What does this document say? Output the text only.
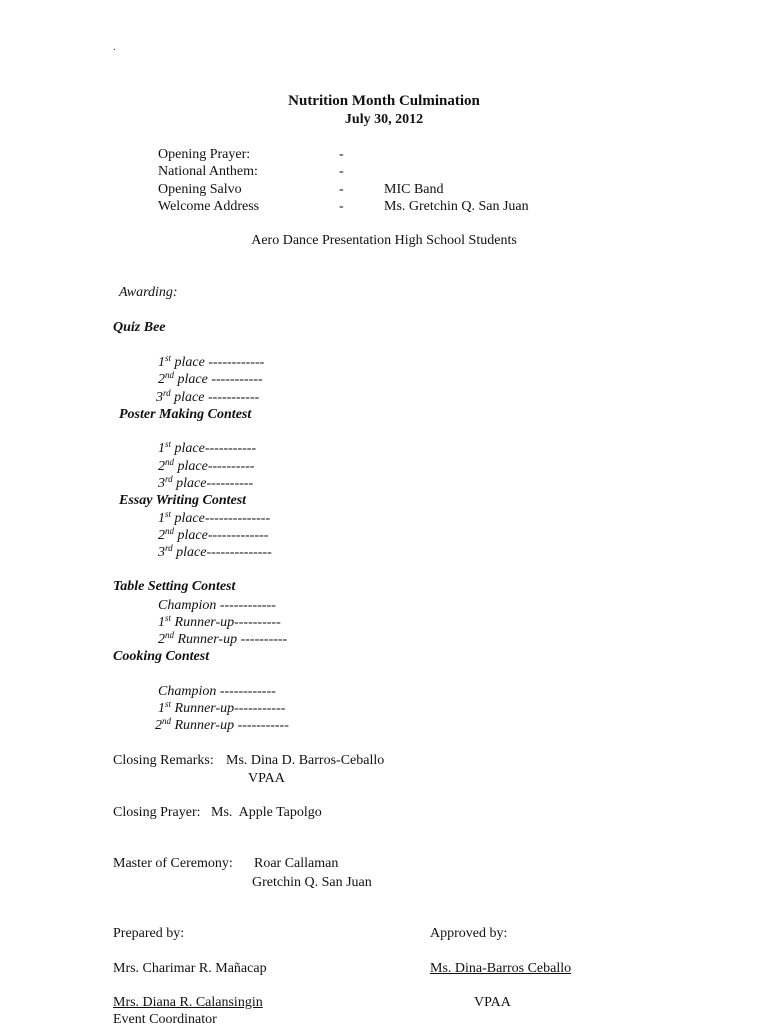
.
Nutrition Month Culmination
July 30, 2012
Opening Prayer:	-
National Anthem:	-
Opening Salvo	-	MIC Band
Welcome Address	-	Ms. Gretchin Q. San Juan
Aero Dance Presentation High School Students
Awarding:
Quiz Bee
1st place ------------
2nd place -----------
3rd place -----------
Poster Making Contest
1st place-----------
2nd place----------
3rd place----------
Essay Writing Contest
1st place--------------
2nd place-------------
3rd place--------------
Table Setting Contest
Champion ------------
1st Runner-up----------
2nd Runner-up ----------
Cooking Contest
Champion ------------
1st Runner-up-----------
2nd Runner-up -----------
Closing Remarks: Ms. Dina D. Barros-Ceballo
VPAA
Closing Prayer: Ms.  Apple Tapolgo
Master of Ceremony: Roar Callaman
Gretchin Q. San Juan
Prepared by:	Approved by:
Mrs. Charimar R. Mañacap	Ms. Dina-Barros Ceballo
Mrs. Diana R. Calansingin	VPAA
Event Coordinator
